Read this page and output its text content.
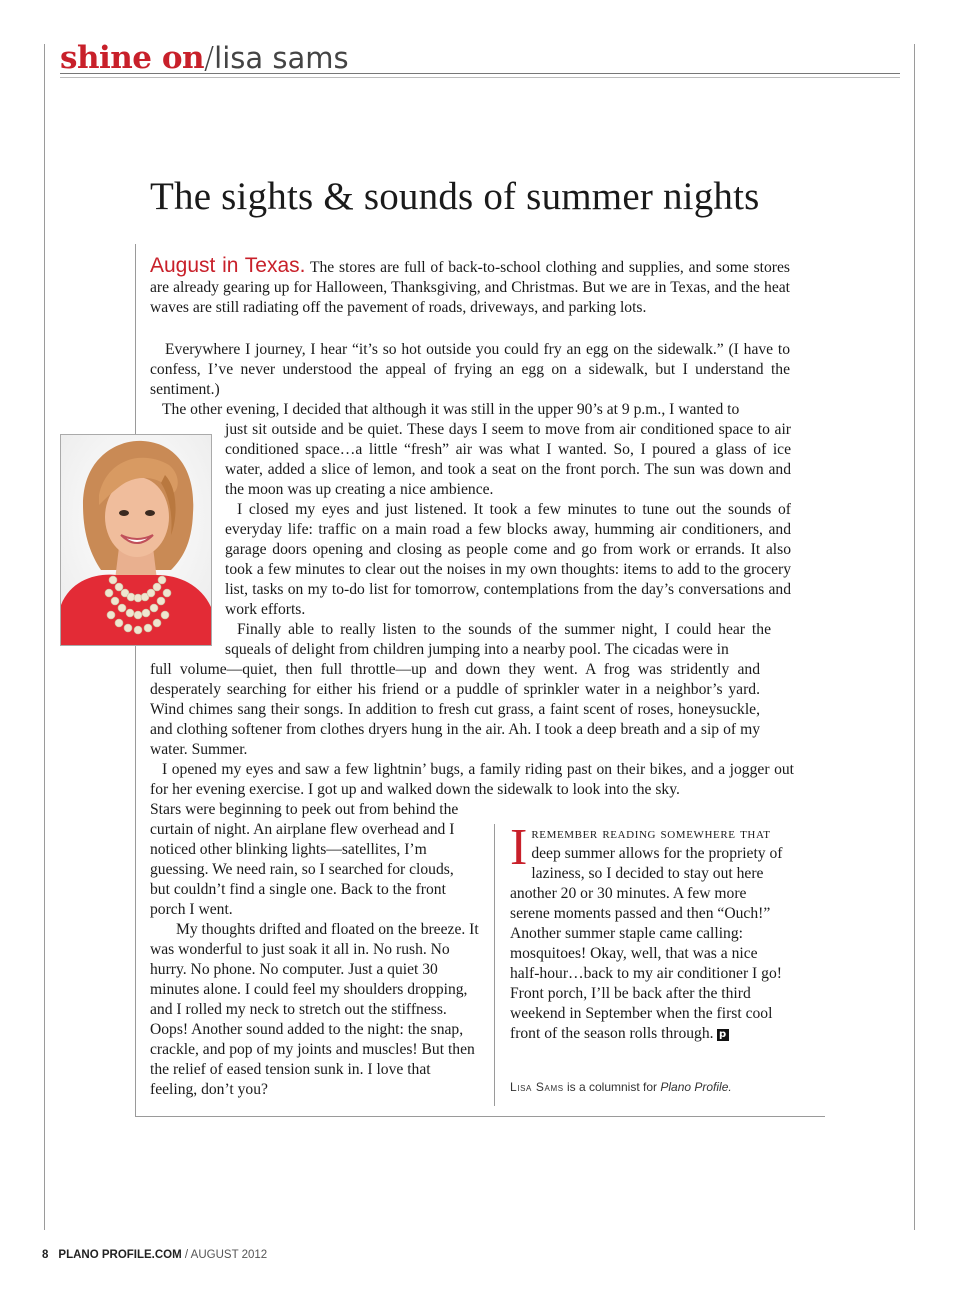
shine on/lisa sams
The sights & sounds of summer nights

August in Texas. The stores are full of back-to-school clothing and supplies, and some stores are already gearing up for Halloween, Thanksgiving, and Christmas. But we are in Texas, and the heat waves are still radiating off the pavement of roads, driveways, and parking lots.

Everywhere I journey, I hear “it’s so hot outside you could fry an egg on the sidewalk.” (I have to confess, I’ve never understood the appeal of frying an egg on a sidewalk, but I understand the sentiment.)

The other evening, I decided that although it was still in the upper 90’s at 9 p.m., I wanted to

just sit outside and be quiet. These days I seem to move from air conditioned space to air conditioned space…a little “fresh” air was what I wanted. So, I poured a glass of ice water, added a slice of lemon, and took a seat on the front porch. The sun was down and the moon was up creating a nice ambience.

I closed my eyes and just listened. It took a few minutes to tune out the sounds of everyday life: traffic on a main road a few blocks away, humming air conditioners, and garage doors opening and closing as people come and go from work or errands. It also took a few minutes to clear out the noises in my own thoughts: items to add to the grocery list, tasks on my to-do list for tomorrow, contemplations from the day’s conversations and work efforts.

Finally able to really listen to the sounds of the summer night, I could hear the squeals of delight from children jumping into a nearby pool. The cicadas were in

full volume—quiet, then full throttle—up and down they went. A frog was stridently and desperately searching for either his friend or a puddle of sprinkler water in a neighbor’s yard. Wind chimes sang their songs. In addition to fresh cut grass, a faint scent of roses, honeysuckle, and clothing softener from clothes dryers hung in the air. Ah. I took a deep breath and a sip of my water. Summer.

I opened my eyes and saw a few lightnin’ bugs, a family riding past on their bikes, and a jogger out for her evening exercise. I got up and walked down the sidewalk to look into the sky.

Stars were beginning to peek out from behind the curtain of night. An airplane flew overhead and I noticed other blinking lights—satellites, I’m guessing. We need rain, so I searched for clouds, but couldn’t find a single one. Back to the front porch I went.

My thoughts drifted and floated on the breeze. It was wonderful to just soak it all in. No rush. No hurry. No phone. No computer. Just a quiet 30 minutes alone. I could feel my shoulders dropping, and I rolled my neck to stretch out the stiffness. Oops! Another sound added to the night: the snap, crackle, and pop of my joints and muscles! But then the relief of eased tension sunk in. I love that feeling, don’t you?

Iremember reading somewhere that deep summer allows for the propriety of laziness, so I decided to stay out here another 20 or 30 minutes. A few more serene moments passed and then “Ouch!” Another summer staple came calling: mosquitoes! Okay, well, that was a nice half-hour…back to my air conditioner I go! Front porch, I’ll be back after the third weekend in September when the first cool front of the season rolls through. p
Lisa Sams is a columnist for Plano Profile.
8 PLANO PROFILE.COM / AUGUST 2012
